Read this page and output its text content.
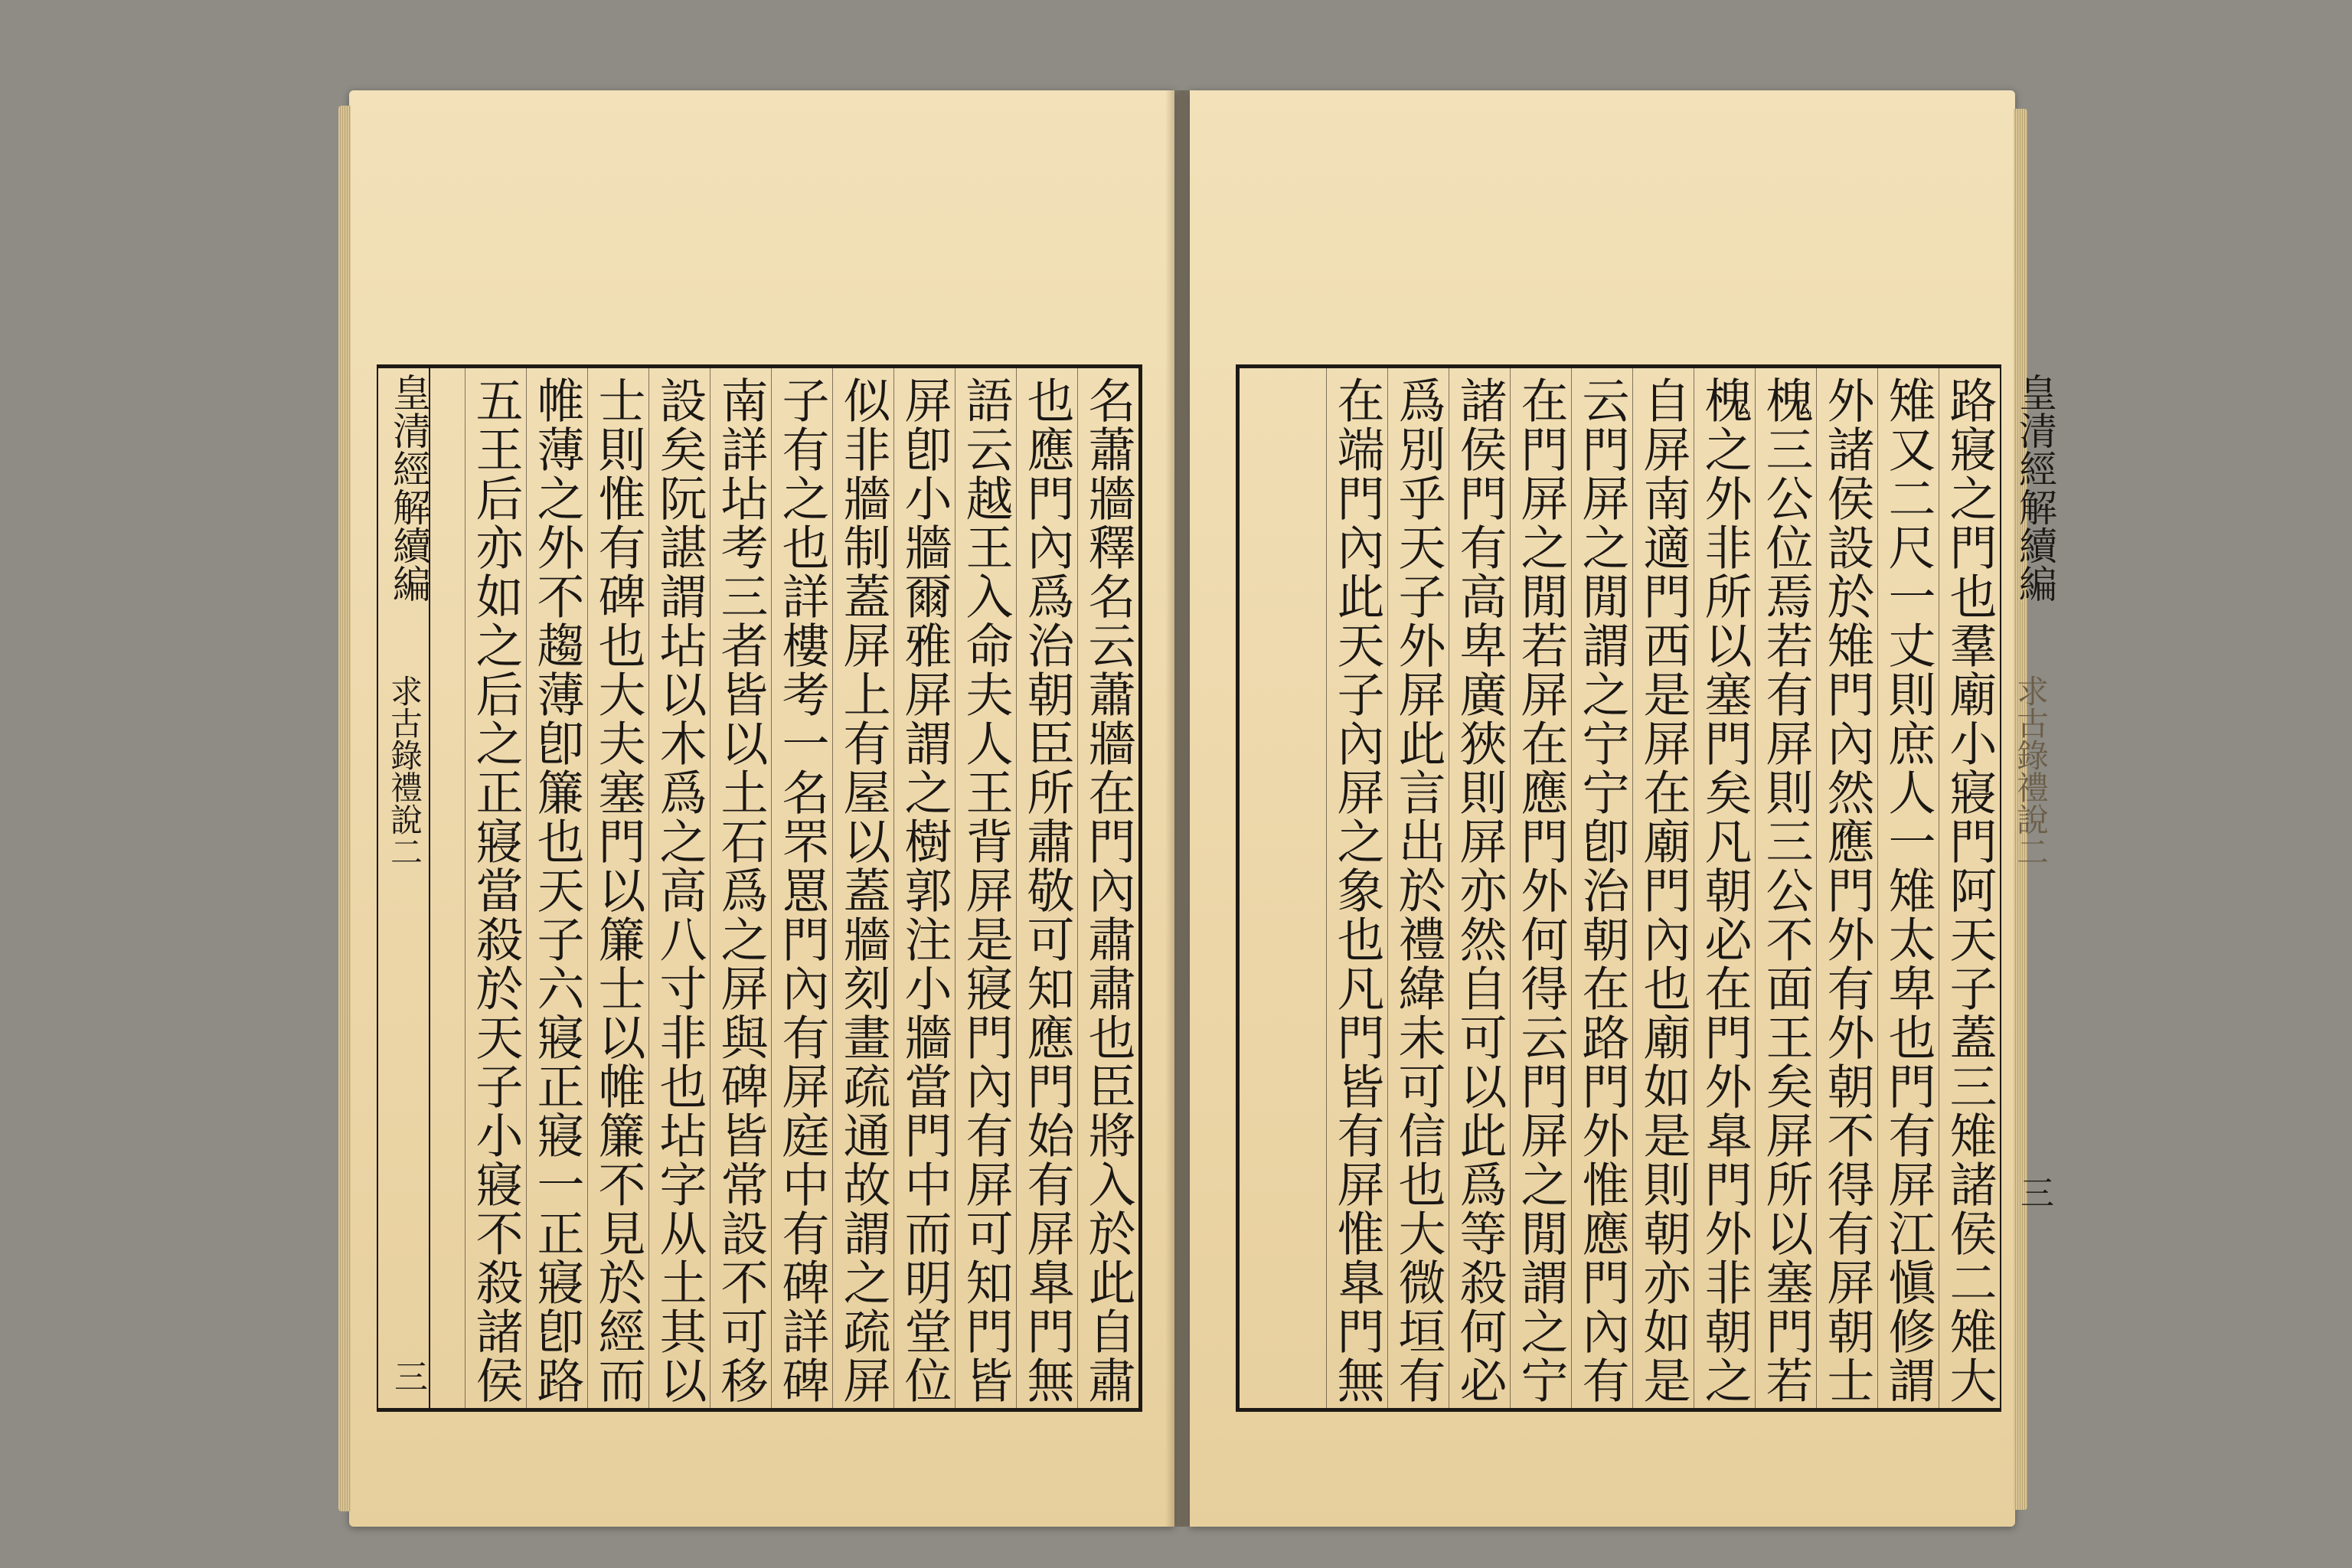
皇清經解續編
求古錄禮說二
三
名蕭牆釋名云蕭牆在門內肅肅也臣將入於此自肅
也應門內爲治朝臣所肅敬可知應門始有屏臯門無
語云越王入命夫人王背屏是寢門內有屏可知門皆
屏卽小牆爾雅屏謂之樹郭注小牆當門中而明堂位
似非牆制蓋屏上有屋以蓋牆刻畫疏通故謂之疏屏
子有之也詳樓考一名罘罳門內有屏庭中有碑詳碑
南詳坫考三者皆以土石爲之屏與碑皆常設不可移
設矣阮諶謂坫以木爲之高八寸非也坫字从土其以
士則惟有碑也大夫塞門以簾士以帷簾不見於經而
帷薄之外不趨薄卽簾也天子六寢正寢一正寢卽路
五王后亦如之后之正寢當殺於天子小寢不殺諸侯
路寢之門也羣廟小寢門阿天子蓋三雉諸侯二雉大
雉又二尺一丈則庶人一雉太卑也門有屏江愼修謂
外諸侯設於雉門內然應門外有外朝不得有屏朝士
槐三公位焉若有屏則三公不面王矣屏所以塞門若
槐之外非所以塞門矣凡朝必在門外臯門外非朝之
自屏南適門西是屏在廟門內也廟如是則朝亦如是
云門屏之閒謂之宁宁卽治朝在路門外惟應門內有
在門屏之閒若屏在應門外何得云門屏之閒謂之宁
諸侯門有高卑廣狹則屏亦然自可以此爲等殺何必
爲別乎天子外屏此言出於禮緯未可信也大微垣有
在端門內此天子內屏之象也凡門皆有屏惟臯門無
皇清經解續編
求古錄禮說二
三
